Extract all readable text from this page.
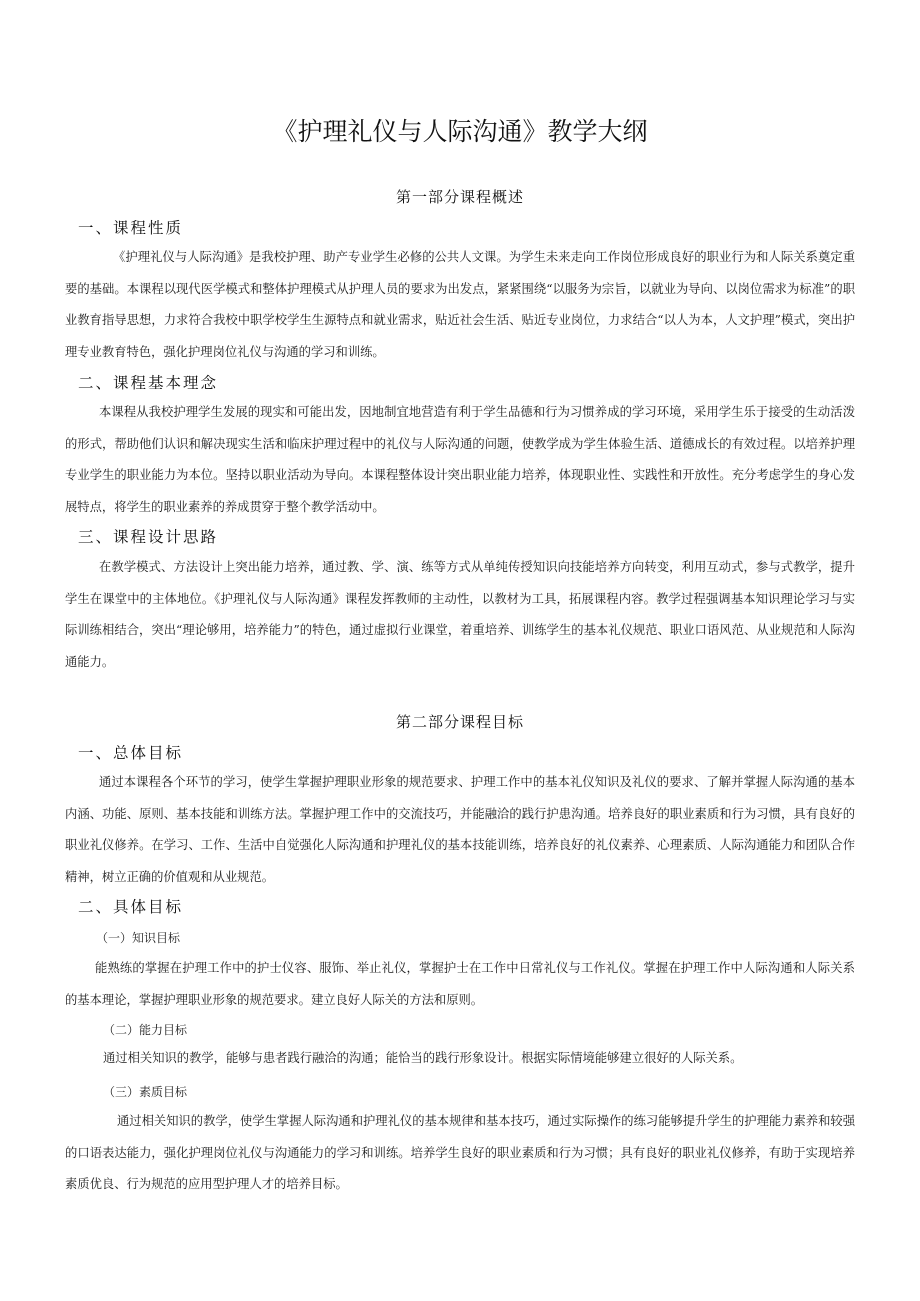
《护理礼仪与人际沟通》教学大纲
第一部分课程概述
一、课程性质

《护理礼仪与人际沟通》是我校护理、助产专业学生必修的公共人文课。为学生未来走向工作岗位形成良好的职业行为和人际关系奠定重要的基础。本课程以现代医学模式和整体护理模式从护理人员的要求为出发点，紧紧围绕“以服务为宗旨，以就业为导向、以岗位需求为标准”的职业教育指导思想，力求符合我校中职学校学生生源特点和就业需求，贴近社会生活、贴近专业岗位，力求结合“以人为本，人文护理”模式，突出护理专业教育特色，强化护理岗位礼仪与沟通的学习和训练。

二、课程基本理念

本课程从我校护理学生发展的现实和可能出发，因地制宜地营造有利于学生品德和行为习惯养成的学习环境，采用学生乐于接受的生动活泼的形式，帮助他们认识和解决现实生活和临床护理过程中的礼仪与人际沟通的问题，使教学成为学生体验生活、道德成长的有效过程。以培养护理专业学生的职业能力为本位。坚持以职业活动为导向。本课程整体设计突出职业能力培养，体现职业性、实践性和开放性。充分考虑学生的身心发展特点，将学生的职业素养的养成贯穿于整个教学活动中。

三、课程设计思路

在教学模式、方法设计上突出能力培养，通过教、学、演、练等方式从单纯传授知识向技能培养方向转变，利用互动式，参与式教学，提升学生在课堂中的主体地位。《护理礼仪与人际沟通》课程发挥教师的主动性，以教材为工具，拓展课程内容。教学过程强调基本知识理论学习与实际训练相结合，突出“理论够用，培养能力”的特色，通过虚拟行业课堂，着重培养、训练学生的基本礼仪规范、职业口语风范、从业规范和人际沟通能力。

第二部分课程目标
一、总体目标

通过本课程各个环节的学习，使学生掌握护理职业形象的规范要求、护理工作中的基本礼仪知识及礼仪的要求、了解并掌握人际沟通的基本内涵、功能、原则、基本技能和训练方法。掌握护理工作中的交流技巧，并能融洽的践行护患沟通。培养良好的职业素质和行为习惯，具有良好的职业礼仪修养。在学习、工作、生活中自觉强化人际沟通和护理礼仪的基本技能训练，培养良好的礼仪素养、心理素质、人际沟通能力和团队合作精神，树立正确的价值观和从业规范。

二、具体目标
（一）知识目标

能熟练的掌握在护理工作中的护士仪容、服饰、举止礼仪，掌握护士在工作中日常礼仪与工作礼仪。掌握在护理工作中人际沟通和人际关系的基本理论，掌握护理职业形象的规范要求。建立良好人际关的方法和原则。

（二）能力目标

通过相关知识的教学，能够与患者践行融洽的沟通；能恰当的践行形象设计。根据实际情境能够建立很好的人际关系。

（三）素质目标

通过相关知识的教学，使学生掌握人际沟通和护理礼仪的基本规律和基本技巧，通过实际操作的练习能够提升学生的护理能力素养和较强的口语表达能力，强化护理岗位礼仪与沟通能力的学习和训练。培养学生良好的职业素质和行为习惯；具有良好的职业礼仪修养，有助于实现培养素质优良、行为规范的应用型护理人才的培养目标。
